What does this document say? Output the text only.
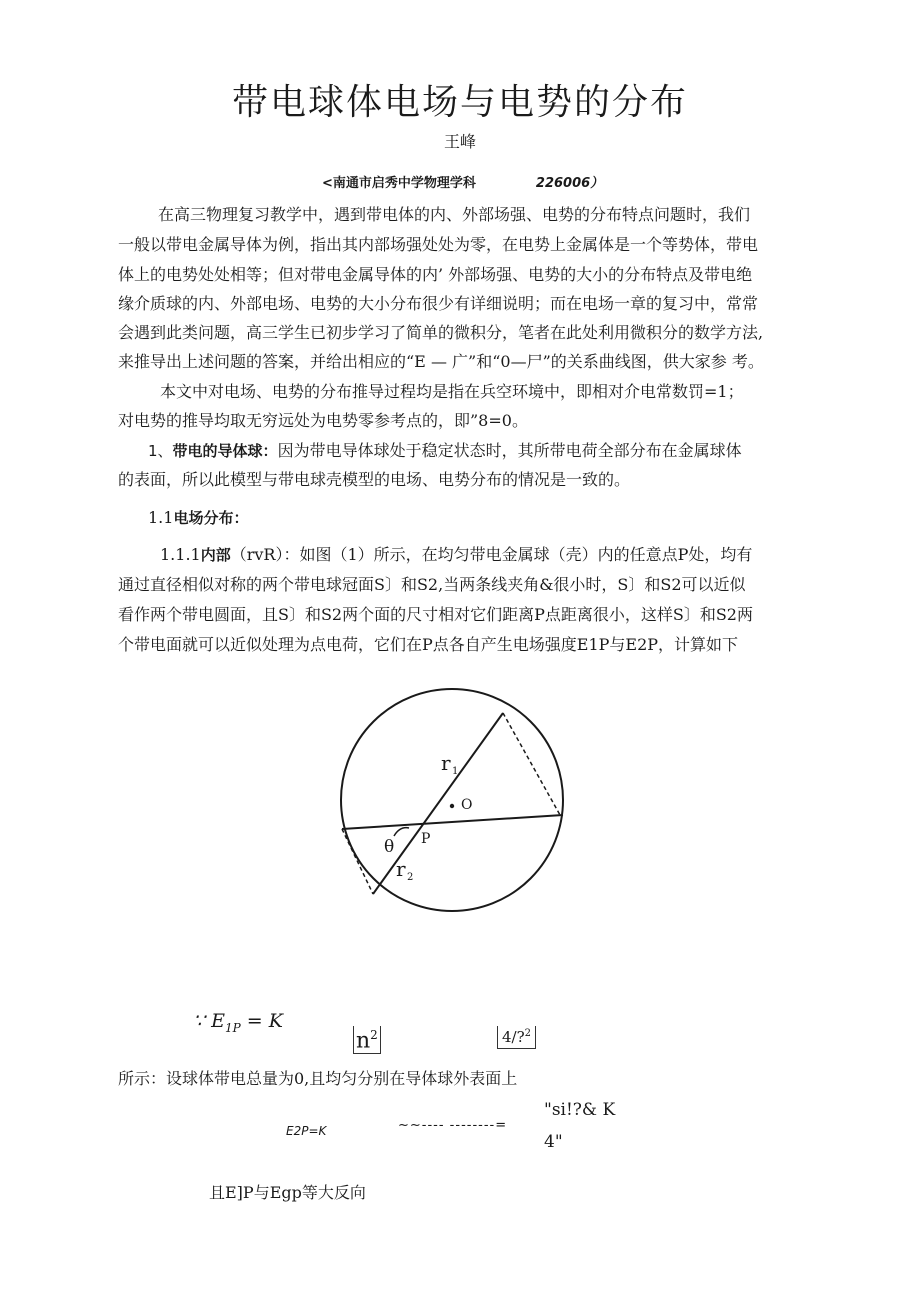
带电球体电场与电势的分布
王峰
<南通市启秀中学物理学科	226006）
在高三物理复习教学中，遇到带电体的内、外部场强、电势的分布特点问题时，我们
一般以带电金属导体为例，指出其内部场强处处为零，在电势上金属体是一个等势体，带电
体上的电势处处相等；但对带电金属导体的内’ 外部场强、电势的大小的分布特点及带电绝
缘介质球的内、外部电场、电势的大小分布很少有详细说明；而在电场一章的复习中，常常
会遇到此类问题，高三学生已初步学习了简单的微积分，笔者在此处利用微积分的数学方法,
来推导出上述问题的答案，并给出相应的“E — 广”和“0—尸”的关系曲线图，供大家参 考。
本文中对电场、电势的分布推导过程均是指在兵空环境中，即相对介电常数罚=1；
对电势的推导均取无穷远处为电势零参考点的，即”8=0。
1、带电的导体球：因为带电导体球处于稳定状态时，其所带电荷全部分布在金属球体
的表面，所以此模型与带电球壳模型的电场、电势分布的情况是一致的。
1.1电场分布：
1.1.1内部（rvR）：如图（1）所示，在均匀带电金属球（壳）内的任意点P处，均有
通过直径相似对称的两个带电球冠面S〕和S2,当两条线夹角&很小时，S〕和S2可以近似
看作两个带电圆面，且S〕和S2两个面的尺寸相对它们距离P点距离很小，这样S〕和S2两
个带电面就可以近似处理为点电荷，它们在P点各自产生电场强度E1P与E2P，计算如下
O
P
θ
r 1
r 2
∵ $E_{1P} = K$
$n^2$	4/?$^2$
所示：设球体带电总量为0,且均匀分别在导体球外表面上
E2P=K	~~---- --------=
"si!?& K
4"
且E]P与Egp等大反向
